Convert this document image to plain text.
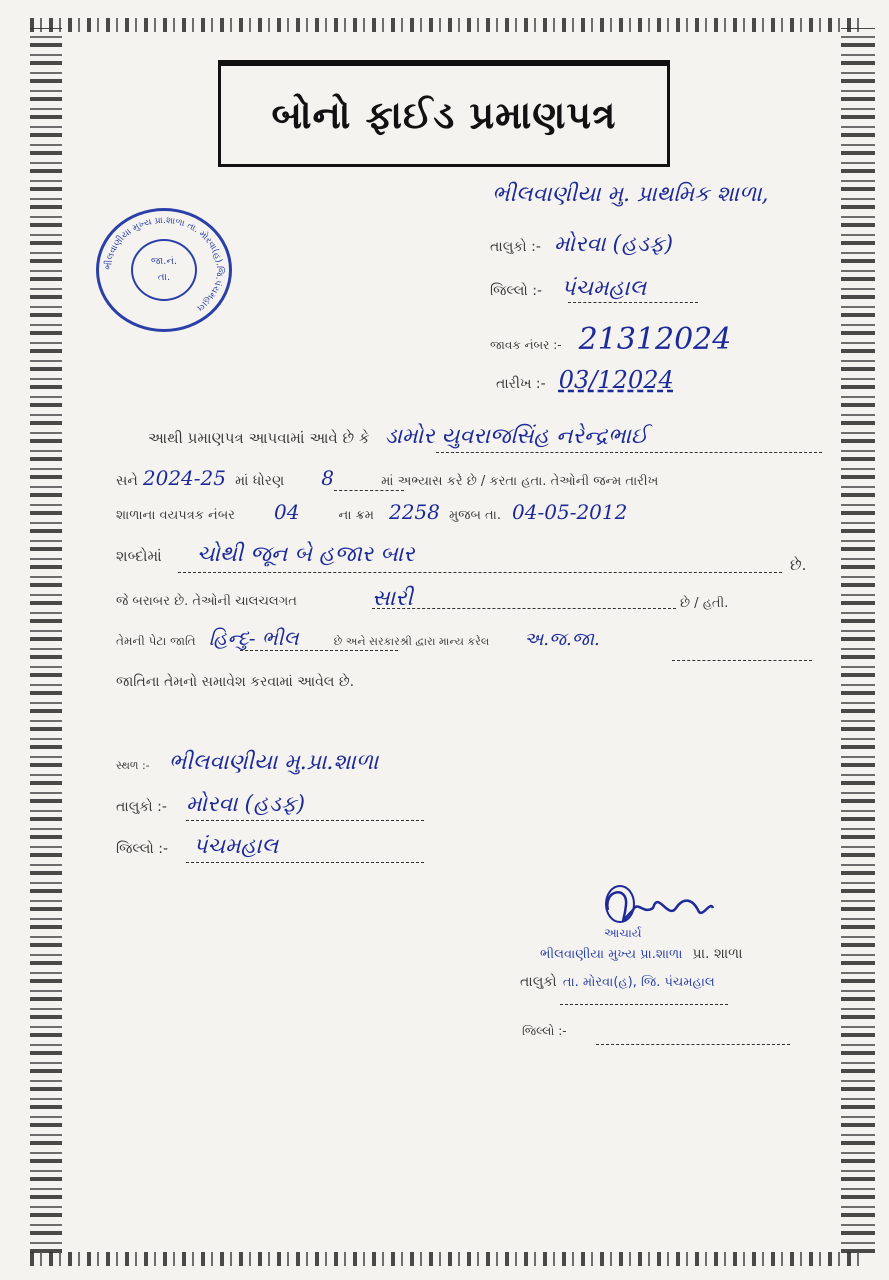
બોનો ફાઈડ પ્રમાણપત્ર
ભીલવાણીયા મુખ્ય પ્રા.શાળા તા. મોરવા(હ).જિ.પંચમહાલ
જા.નં.
તા.
ભીલવાણીયા મુ. પ્રાથમિક શાળા,
તાલુકો :- મોરવા (હડફ)
જિલ્લો :- પંચમહાલ
જાવક નંબર :- 21312024
તારીખ :- 03/12024
આથી પ્રમાણપત્ર આપવામાં આવે છે કે ડામોર યુવરાજસિંહ નરેન્દ્રભાઈ
સને 2024-25 માં ધોરણ 8	માં અભ્યાસ કરે છે / કરતા હતા. તેઓની જન્મ તારીખ
શાળાના વયપત્રક નંબર 04	ના ક્રમ 2258 મુજબ તા. 04-05-2012
શબ્દોમાં ચોથી જૂન બે હજાર બાર	છે.
જે બરાબર છે. તેઓની ચાલચલગત	સારી	છે / હતી.
તેમની પેટા જાતિ હિન્દુ- ભીલ	છે અને સરકારશ્રી દ્વારા માન્ય કરેલ અ.જ.જા.
જાતિના તેમનો સમાવેશ કરવામાં આવેલ છે.
સ્થળ :- ભીલવાણીયા મુ.પ્રા.શાળા
તાલુકો :- મોરવા (હડફ)
જિલ્લો :- પંચમહાલ
આચાર્ય
ભીલવાણીયા મુખ્ય પ્રા.શાળા પ્રા. શાળા
તાલુકો તા. મોરવા(હ), જિ. પંચમહાલ
જિલ્લો :-
